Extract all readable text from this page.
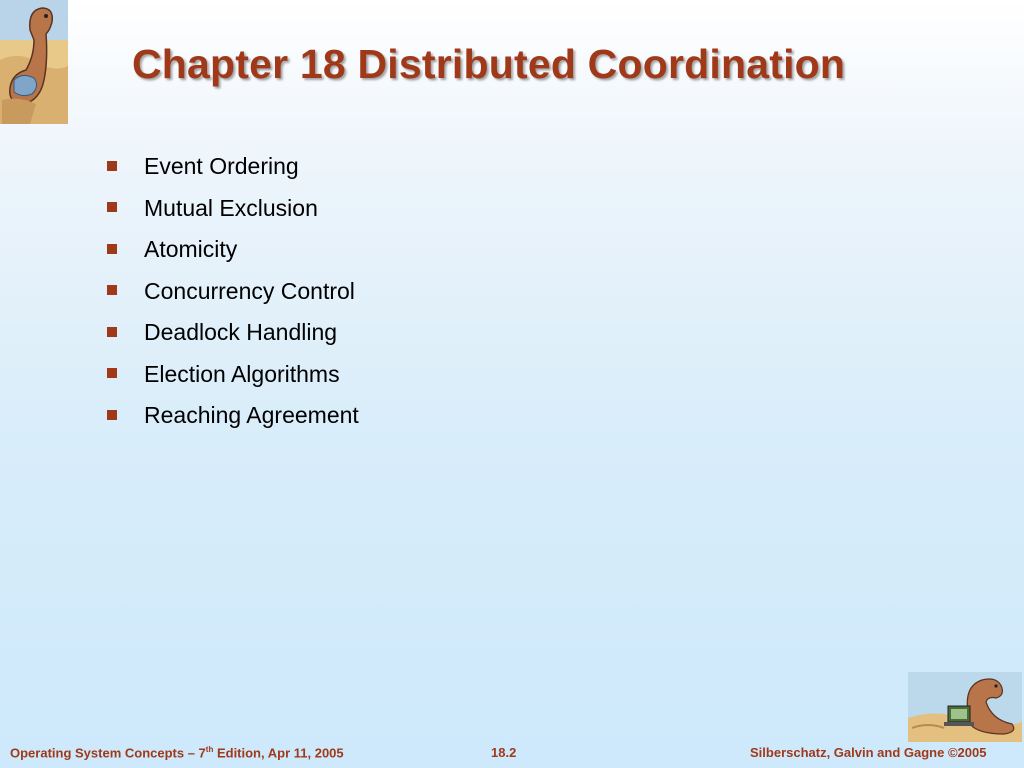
Chapter 18 Distributed Coordination
Event Ordering
Mutual Exclusion
Atomicity
Concurrency Control
Deadlock Handling
Election Algorithms
Reaching Agreement
Operating System Concepts – 7th Edition, Apr 11, 2005	18.2	Silberschatz, Galvin and Gagne ©2005
